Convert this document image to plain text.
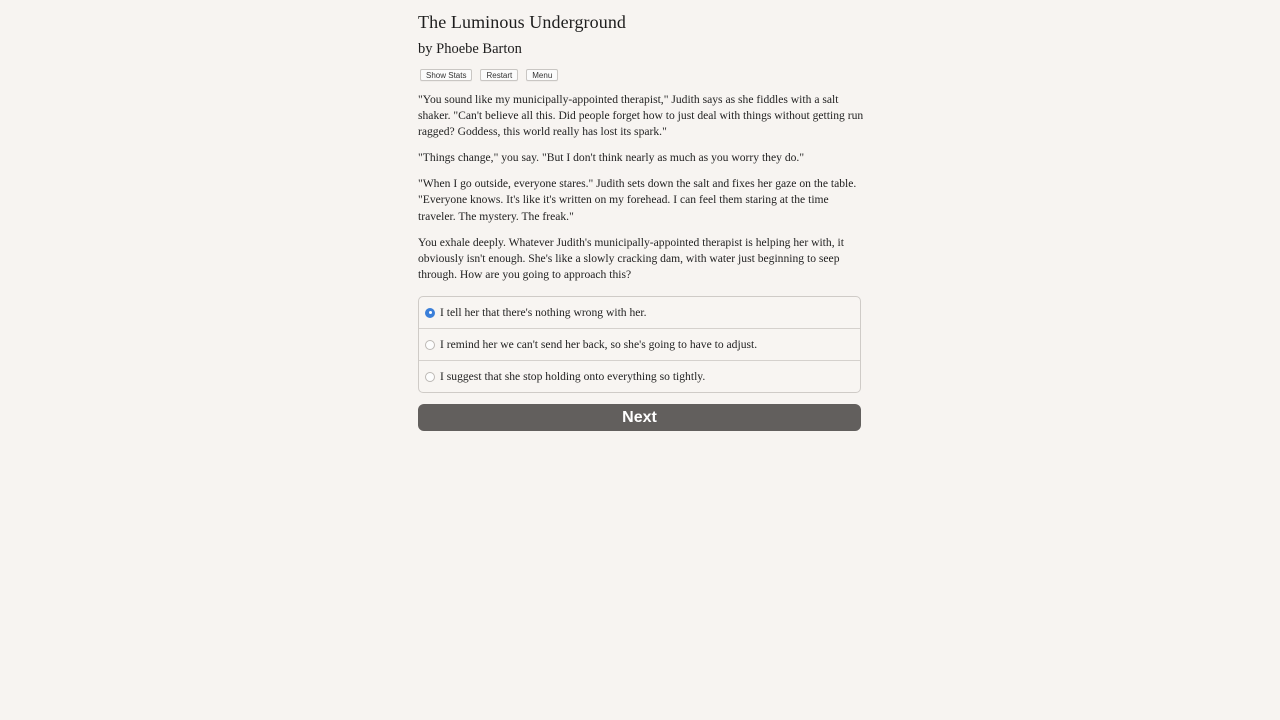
The Luminous Underground
by Phoebe Barton
Show Stats	Restart	Menu

"You sound like my municipally-appointed therapist," Judith says as she fiddles with a salt shaker. "Can't believe all this. Did people forget how to just deal with things without getting run ragged? Goddess, this world really has lost its spark."

"Things change," you say. "But I don't think nearly as much as you worry they do."

"When I go outside, everyone stares." Judith sets down the salt and fixes her gaze on the table. "Everyone knows. It's like it's written on my forehead. I can feel them staring at the time traveler. The mystery. The freak."

You exhale deeply. Whatever Judith's municipally-appointed therapist is helping her with, it obviously isn't enough. She's like a slowly cracking dam, with water just beginning to seep through. How are you going to approach this?

I tell her that there's nothing wrong with her.
I remind her we can't send her back, so she's going to have to adjust.
I suggest that she stop holding onto everything so tightly.
Next
